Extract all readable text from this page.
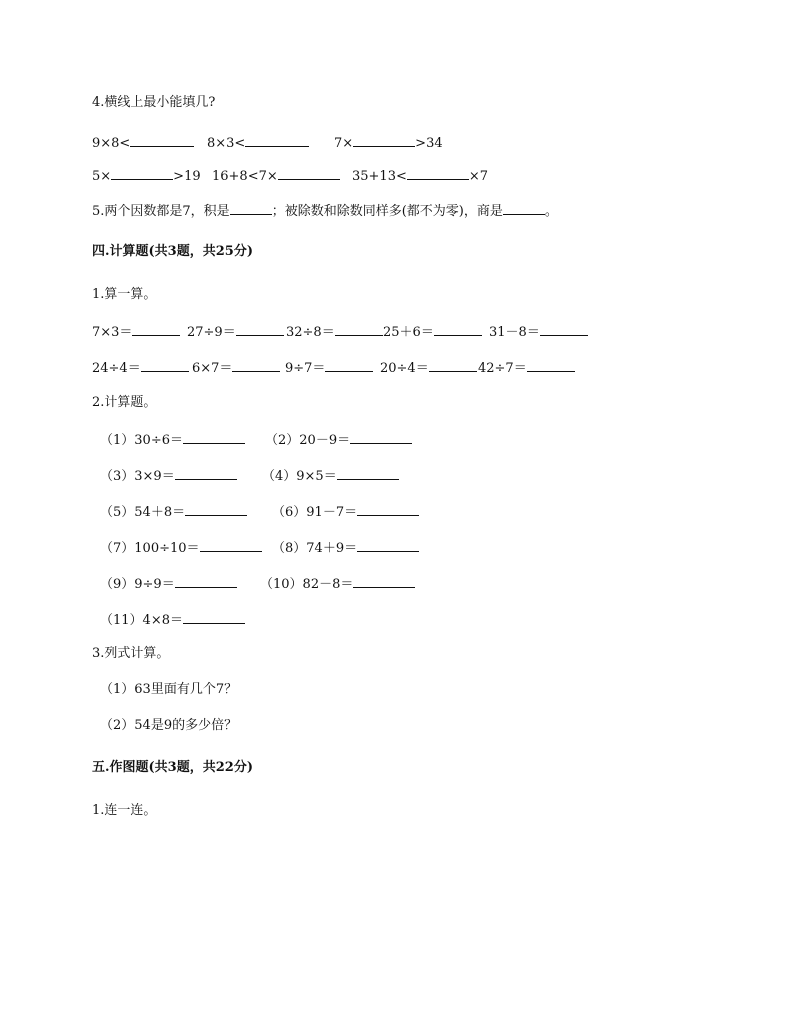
4.横线上最小能填几?
9×8<	8×3<	7×	>34
5×	>19 16+8<7×	35+13<	×7
5.两个因数都是7，积是	；被除数和除数同样多(都不为零)，商是	。
四.计算题(共3题，共25分)
1.算一算。
7×3＝	27÷9＝	32÷8＝	25＋6＝	31－8＝
24÷4＝	6×7＝	9÷7＝	20÷4＝	42÷7＝
2.计算题。
（1）30÷6＝	（2）20－9＝
（3）3×9＝	（4）9×5＝
（5）54＋8＝	（6）91－7＝
（7）100÷10＝	（8）74＋9＝
（9）9÷9＝	（10）82－8＝
（11）4×8＝
3.列式计算。
（1）63里面有几个7？
（2）54是9的多少倍？
五.作图题(共3题，共22分)
1.连一连。
